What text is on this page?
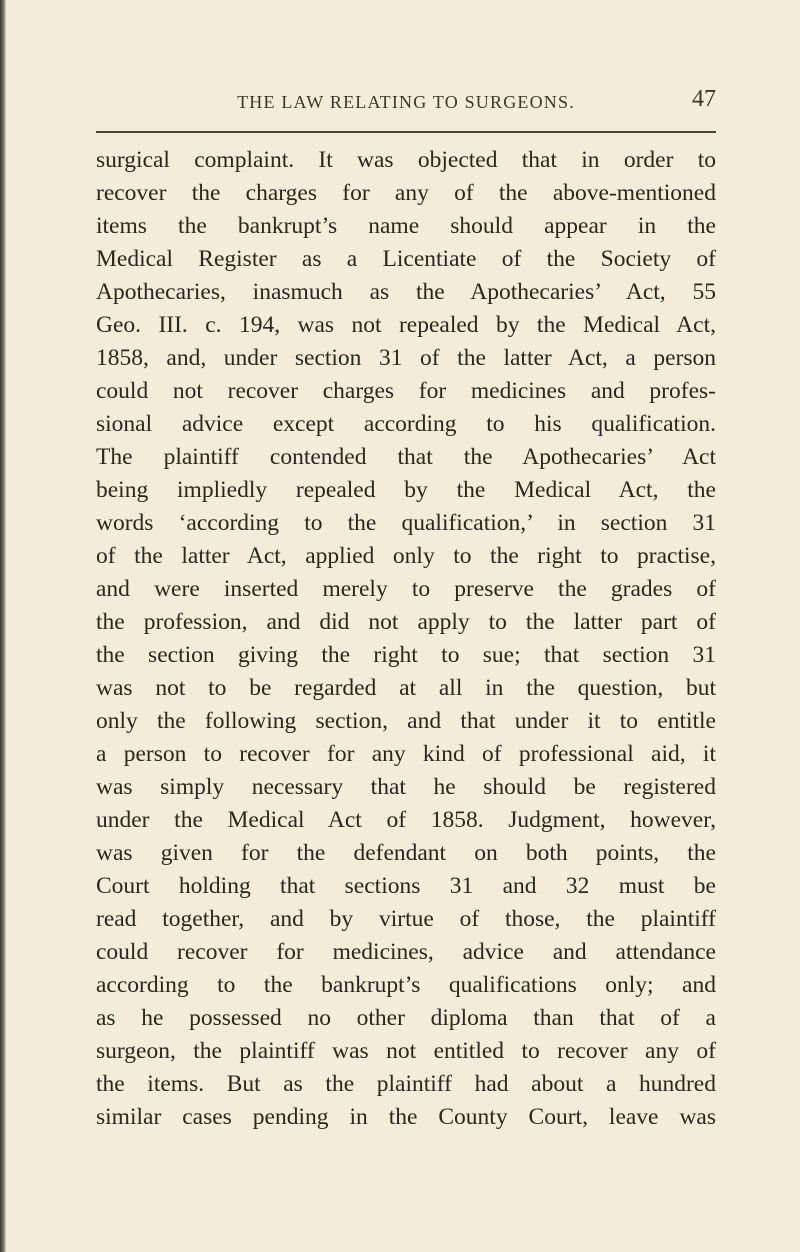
THE LAW RELATING TO SURGEONS.	47
surgical complaint. It was objected that in order to
recover the charges for any of the above-mentioned
items the bankrupt’s name should appear in the
Medical Register as a Licentiate of the Society of
Apothecaries, inasmuch as the Apothecaries’ Act, 55
Geo. III. c. 194, was not repealed by the Medical Act,
1858, and, under section 31 of the latter Act, a person
could not recover charges for medicines and profes-
sional advice except according to his qualification.
The plaintiff contended that the Apothecaries’ Act
being impliedly repealed by the Medical Act, the
words ‘according to the qualification,’ in section 31
of the latter Act, applied only to the right to practise,
and were inserted merely to preserve the grades of
the profession, and did not apply to the latter part of
the section giving the right to sue; that section 31
was not to be regarded at all in the question, but
only the following section, and that under it to entitle
a person to recover for any kind of professional aid, it
was simply necessary that he should be registered
under the Medical Act of 1858. Judgment, however,
was given for the defendant on both points, the
Court holding that sections 31 and 32 must be
read together, and by virtue of those, the plaintiff
could recover for medicines, advice and attendance
according to the bankrupt’s qualifications only; and
as he possessed no other diploma than that of a
surgeon, the plaintiff was not entitled to recover any of
the items. But as the plaintiff had about a hundred
similar cases pending in the County Court, leave was
